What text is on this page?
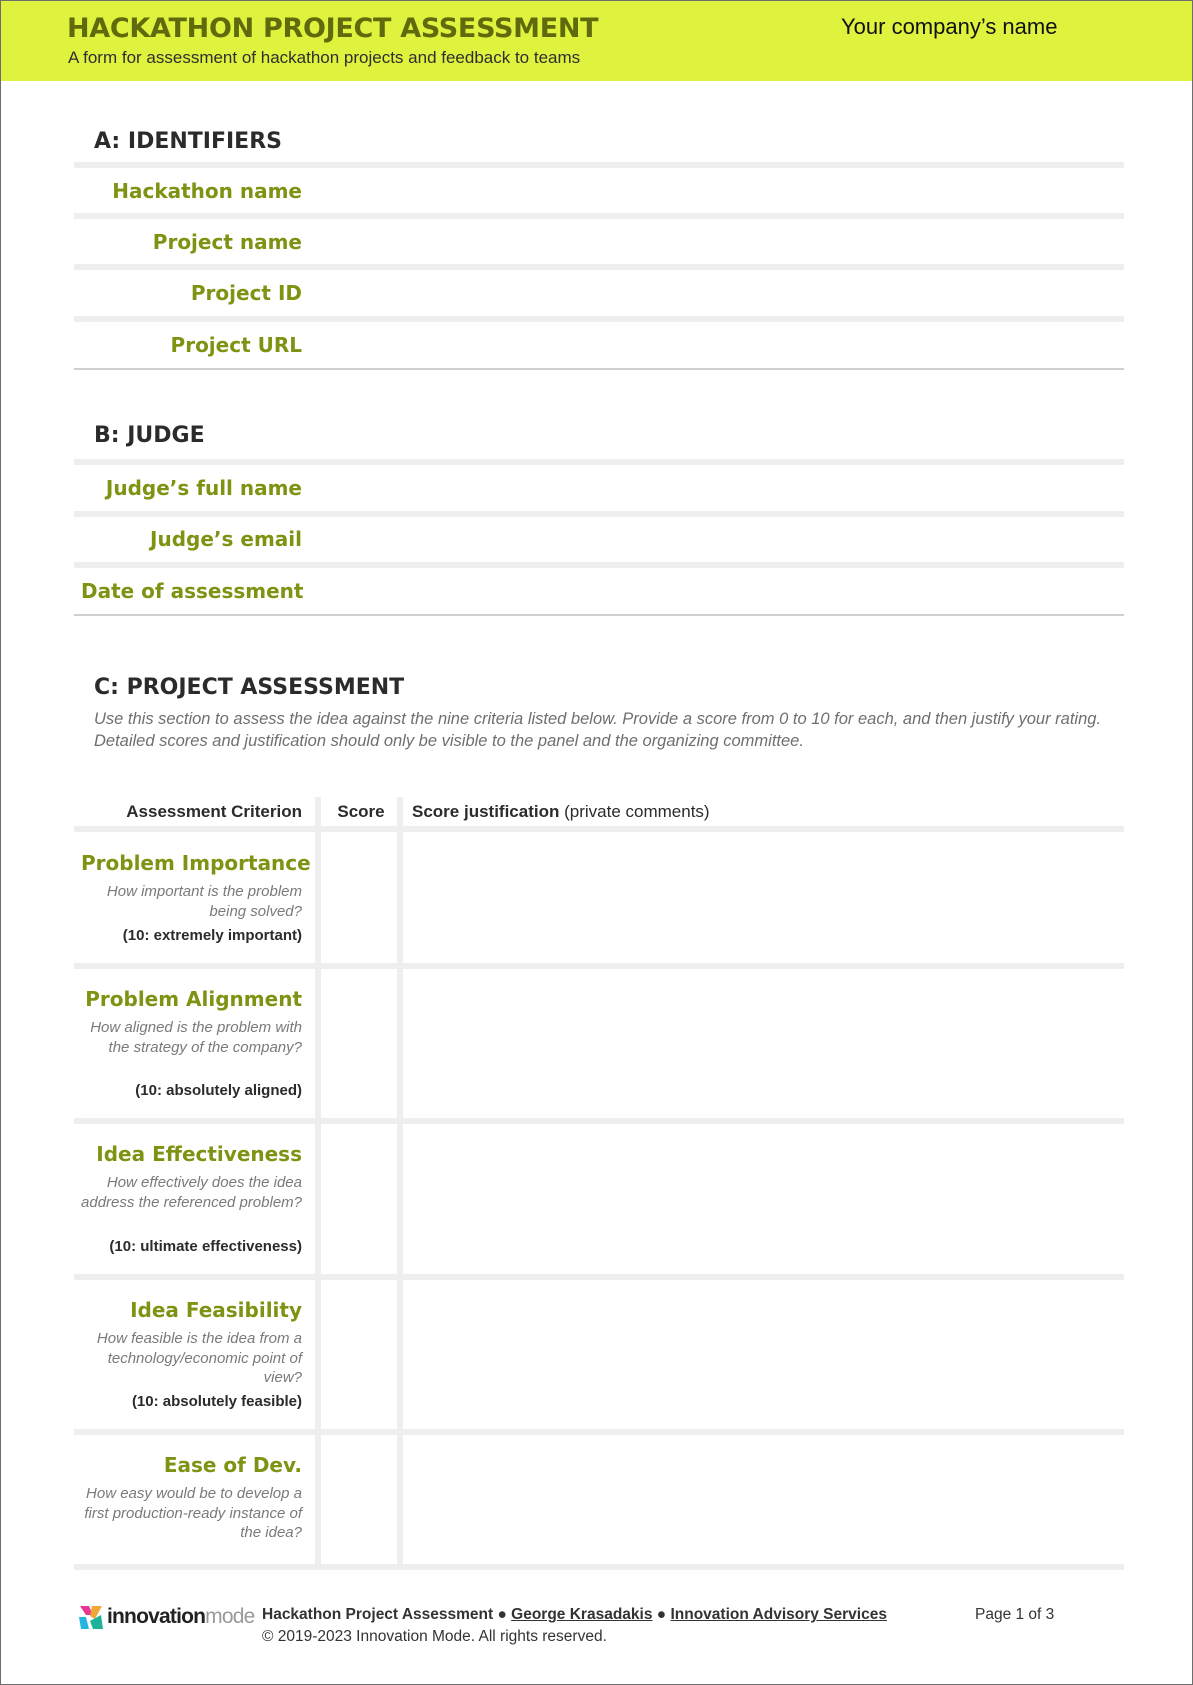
HACKATHON PROJECT ASSESSMENT
A form for assessment of hackathon projects and feedback to teams
Your company’s name
A: IDENTIFIERS
Hackathon name
Project name
Project ID
Project URL
B: JUDGE
Judge’s full name
Judge’s email
Date of assessment
C: PROJECT ASSESSMENT
Use this section to assess the idea against the nine criteria listed below. Provide a score from 0 to 10 for each, and then justify your rating. Detailed scores and justification should only be visible to the panel and the organizing committee.
Assessment Criterion	Score	Score justification (private comments)
Problem Importance
How important is the problem being solved?
(10: extremely important)
Problem Alignment
How aligned is the problem with the strategy of the company?
(10: absolutely aligned)
Idea Effectiveness
How effectively does the idea address the referenced problem?
(10: ultimate effectiveness)
Idea Feasibility
How feasible is the idea from a technology/economic point of view?
(10: absolutely feasible)
Ease of Dev.
How easy would be to develop a first production-ready instance of the idea?
innovationmode Hackathon Project Assessment ● George Krasadakis ● Innovation Advisory Services
© 2019-2023 Innovation Mode. All rights reserved.
Page 1 of 3
